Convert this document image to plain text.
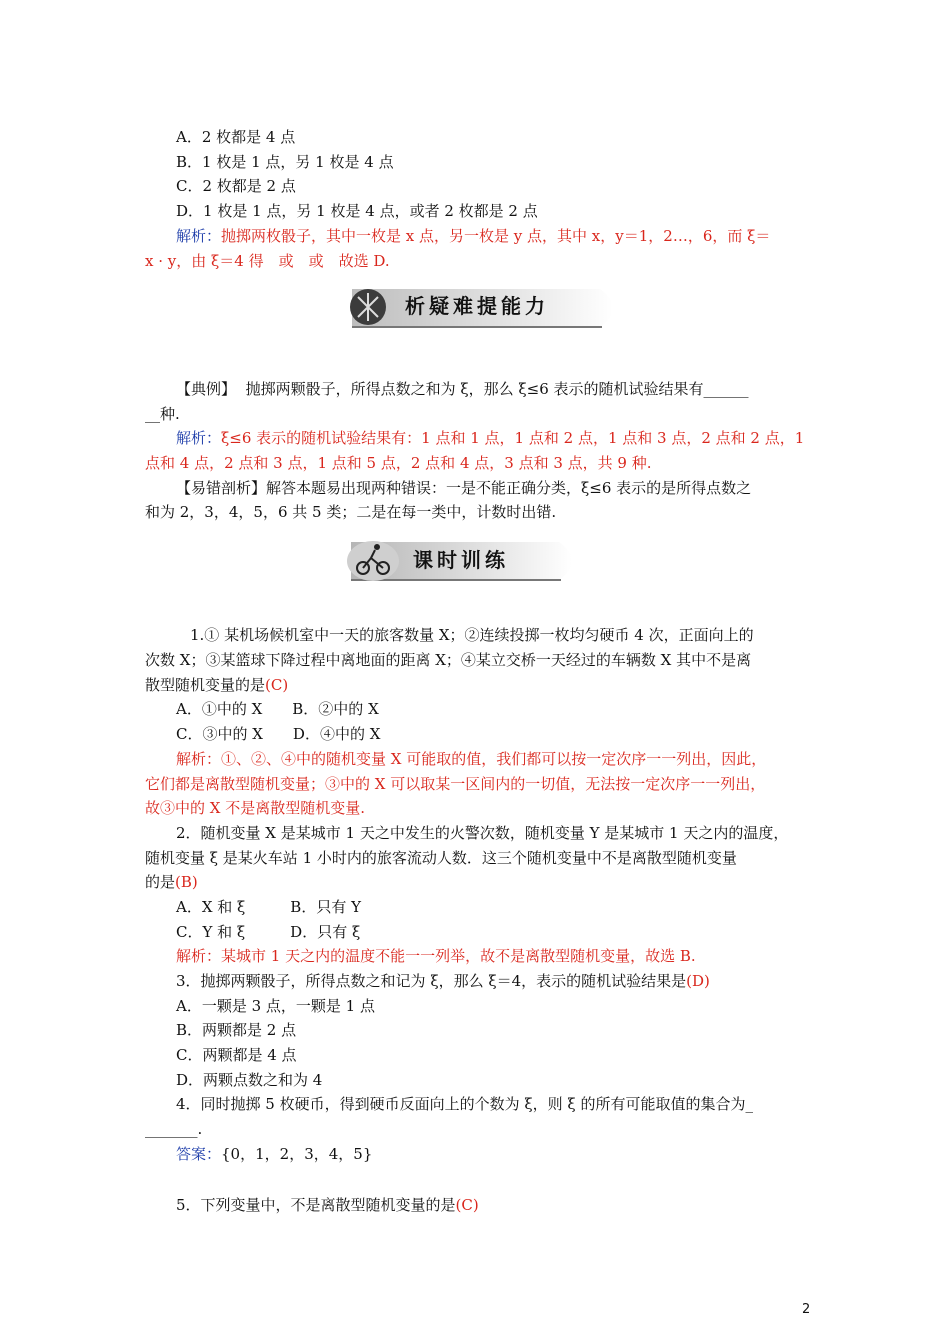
A．2 枚都是 4 点
B．1 枚是 1 点，另 1 枚是 4 点
C．2 枚都是 2 点
D．1 枚是 1 点，另 1 枚是 4 点，或者 2 枚都是 2 点
解析：抛掷两枚骰子，其中一枚是 x 点，另一枚是 y 点，其中 x，y＝1，2…，6，而 ξ＝
x · y，由 ξ＝4 得　或　或　故选 D.
析疑难提能力
【典例】 抛掷两颗骰子，所得点数之和为 ξ，那么 ξ≤6 表示的随机试验结果有______
__种.
解析：ξ≤6 表示的随机试验结果有：1 点和 1 点，1 点和 2 点，1 点和 3 点，2 点和 2 点，1
点和 4 点，2 点和 3 点，1 点和 5 点，2 点和 4 点，3 点和 3 点，共 9 种.
【易错剖析】解答本题易出现两种错误：一是不能正确分类，ξ≤6 表示的是所得点数之
和为 2，3，4，5，6 共 5 类；二是在每一类中，计数时出错.
课时训练
1.① 某机场候机室中一天的旅客数量 X；②连续投掷一枚均匀硬币 4 次，正面向上的
次数 X；③某篮球下降过程中离地面的距离 X；④某立交桥一天经过的车辆数 X 其中不是离
散型随机变量的是(C)
A．①中的 X　　B．②中的 X
C．③中的 X　　D．④中的 X
解析：①、②、④中的随机变量 X 可能取的值，我们都可以按一定次序一一列出，因此，
它们都是离散型随机变量；③中的 X 可以取某一区间内的一切值，无法按一定次序一一列出，
故③中的 X 不是离散型随机变量.
2．随机变量 X 是某城市 1 天之中发生的火警次数，随机变量 Y 是某城市 1 天之内的温度，
随机变量 ξ 是某火车站 1 小时内的旅客流动人数．这三个随机变量中不是离散型随机变量
的是(B)
A．X 和 ξ　　　B．只有 Y
C．Y 和 ξ　　　D．只有 ξ
解析：某城市 1 天之内的温度不能一一列举，故不是离散型随机变量，故选 B.
3．抛掷两颗骰子，所得点数之和记为 ξ，那么 ξ＝4，表示的随机试验结果是(D)
A．一颗是 3 点，一颗是 1 点
B．两颗都是 2 点
C．两颗都是 4 点
D．两颗点数之和为 4
4．同时抛掷 5 枚硬币，得到硬币反面向上的个数为 ξ，则 ξ 的所有可能取值的集合为_
_______.
答案：{0，1，2，3，4，5}
5．下列变量中，不是离散型随机变量的是(C)
2
